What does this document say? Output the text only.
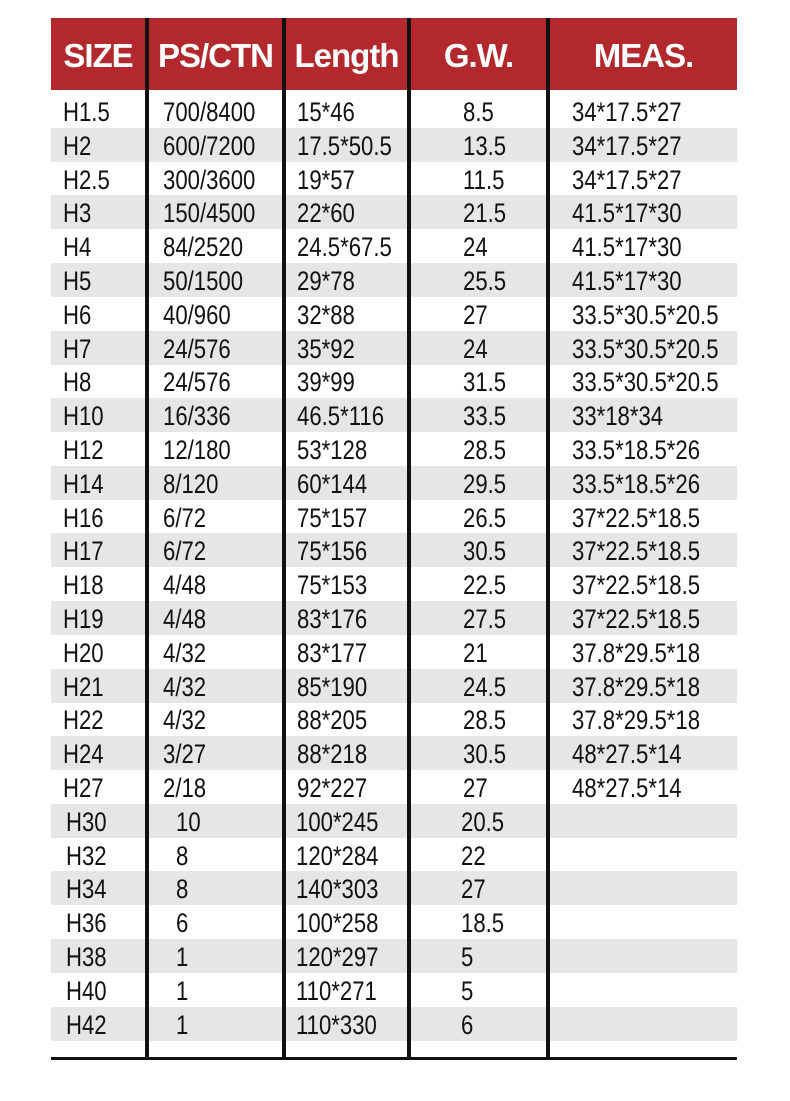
SIZE PS/CTN Length	G.W.	MEAS.
H1.5 700/8400 15*46	8.5	34*17.5*27
H2	600/7200 17.5*50.5	13.5 34*17.5*27
H2.5 300/3600 19*57	11.5	34*17.5*27
H3	150/4500 22*60	21.5 41.5*17*30
H4	84/2520 24.5*67.5	24	41.5*17*30
H5	50/1500 29*78	25.5 41.5*17*30
H6	40/960 32*88	27	33.5*30.5*20.5
H7	24/576 35*92	24	33.5*30.5*20.5
H8	24/576 39*99	31.5 33.5*30.5*20.5
H10 16/336 46.5*116	33.5 33*18*34
H12 12/180 53*128	28.5 33.5*18.5*26
H14 8/120	60*144	29.5 33.5*18.5*26
H16 6/72	75*157	26.5 37*22.5*18.5
H17 6/72	75*156	30.5 37*22.5*18.5
H18 4/48	75*153	22.5 37*22.5*18.5
H19 4/48	83*176	27.5 37*22.5*18.5
H20 4/32	83*177	21	37.8*29.5*18
H21 4/32	85*190	24.5 37.8*29.5*18
H22 4/32	88*205	28.5 37.8*29.5*18
H24 3/27	88*218	30.5 48*27.5*14
H27 2/18	92*227	27	48*27.5*14
H30	10	100*245	20.5
H32	8	120*284	22
H34	8	140*303	27
H36	6	100*258	18.5
H38	1	120*297	5
H40	1	110*271	5
H42	1	110*330	6
